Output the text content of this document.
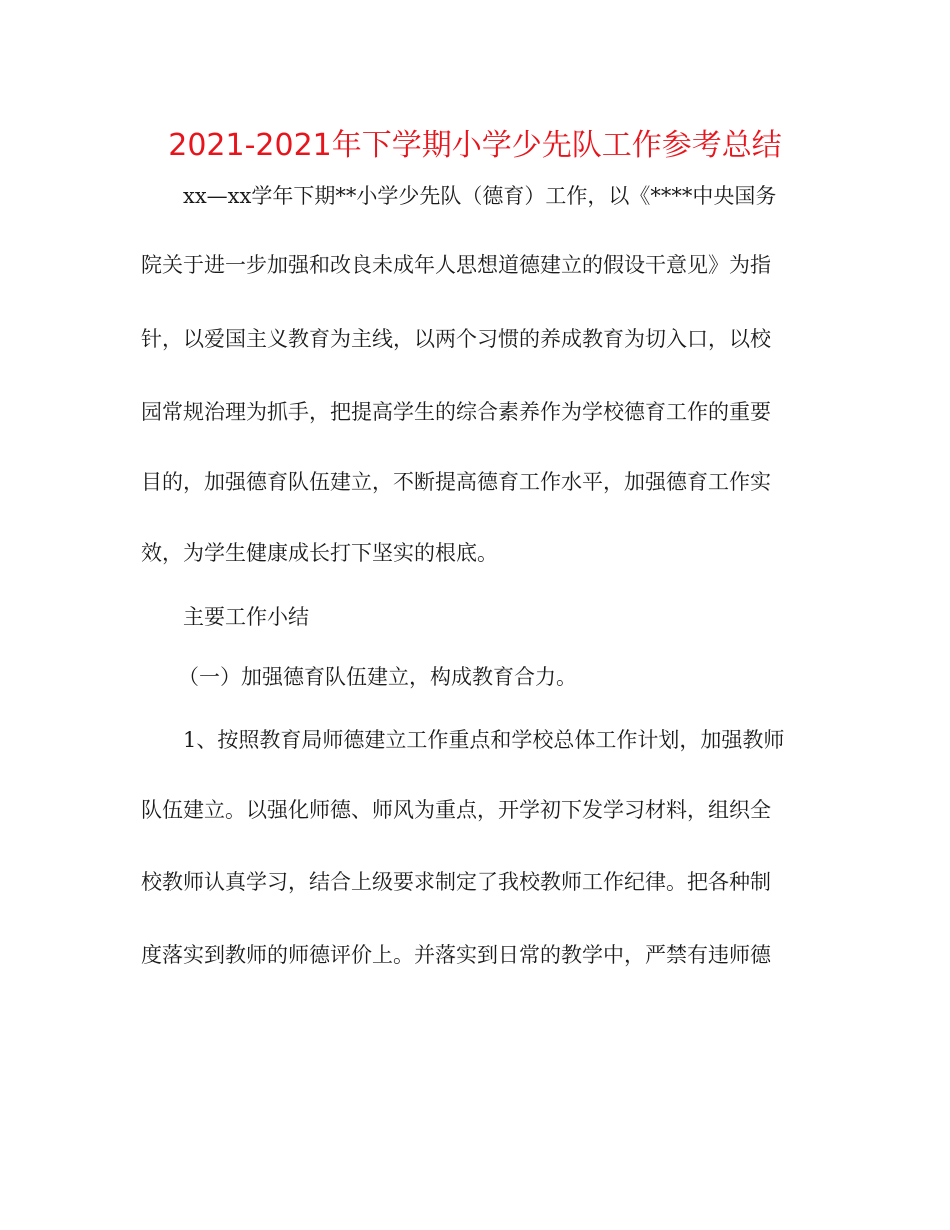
2021-2021年下学期小学少先队工作参考总结
xx—xx学年下期**小学少先队（德育）工作，以《****中央国务
院关于进一步加强和改良未成年人思想道德建立的假设干意见》为指
针，以爱国主义教育为主线，以两个习惯的养成教育为切入口，以校
园常规治理为抓手，把提高学生的综合素养作为学校德育工作的重要
目的，加强德育队伍建立，不断提高德育工作水平，加强德育工作实
效，为学生健康成长打下坚实的根底。
主要工作小结
（一）加强德育队伍建立，构成教育合力。
1、按照教育局师德建立工作重点和学校总体工作计划，加强教师
队伍建立。以强化师德、师风为重点，开学初下发学习材料，组织全
校教师认真学习，结合上级要求制定了我校教师工作纪律。把各种制
度落实到教师的师德评价上。并落实到日常的教学中，严禁有违师德
